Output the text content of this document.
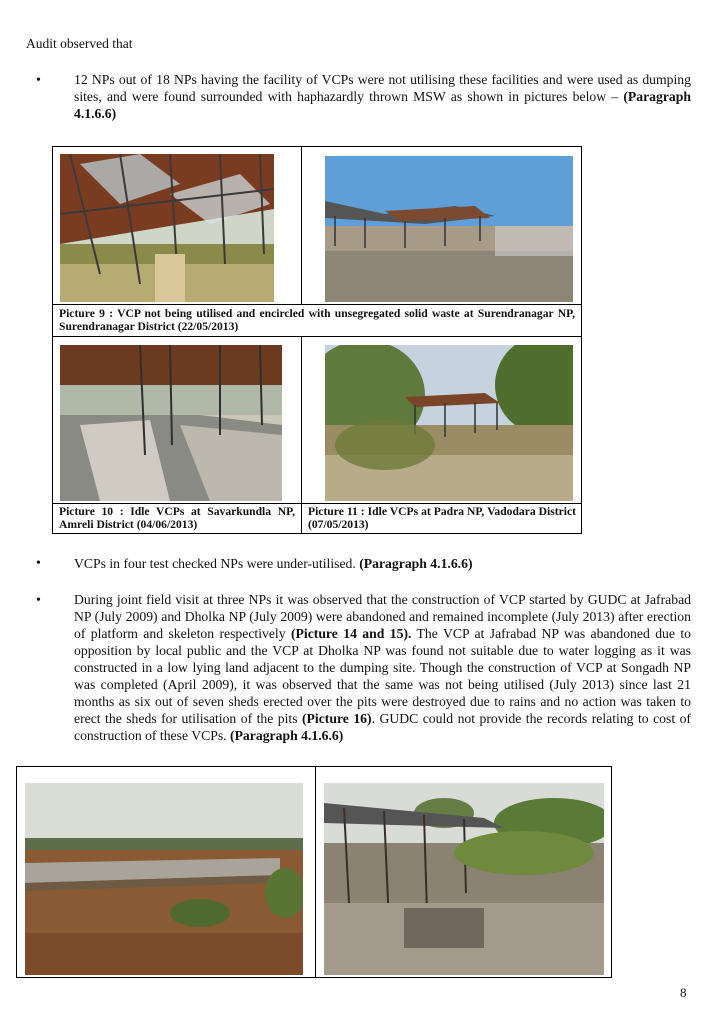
Audit observed that
• 12 NPs out of 18 NPs having the facility of VCPs were not utilising these facilities and were used as dumping sites, and were found surrounded with haphazardly thrown MSW as shown in pictures below – (Paragraph 4.1.6.6)
Picture 9 : VCP not being utilised and encircled with unsegregated solid waste at Surendranagar NP, Surendranagar District (22/05/2013)
Picture 10 : Idle VCPs at Savarkundla NP, Amreli District (04/06/2013)
Picture 11 : Idle VCPs at Padra NP, Vadodara District (07/05/2013)
• VCPs in four test checked NPs were under-utilised. (Paragraph 4.1.6.6)
• During joint field visit at three NPs it was observed that the construction of VCP started by GUDC at Jafrabad NP (July 2009) and Dholka NP (July 2009) were abandoned and remained incomplete (July 2013) after erection of platform and skeleton respectively (Picture 14 and 15). The VCP at Jafrabad NP was abandoned due to opposition by local public and the VCP at Dholka NP was found not suitable due to water logging as it was constructed in a low lying land adjacent to the dumping site. Though the construction of VCP at Songadh NP was completed (April 2009), it was observed that the same was not being utilised (July 2013) since last 21 months as six out of seven sheds erected over the pits were destroyed due to rains and no action was taken to erect the sheds for utilisation of the pits (Picture 16). GUDC could not provide the records relating to cost of construction of these VCPs. (Paragraph 4.1.6.6)
8
